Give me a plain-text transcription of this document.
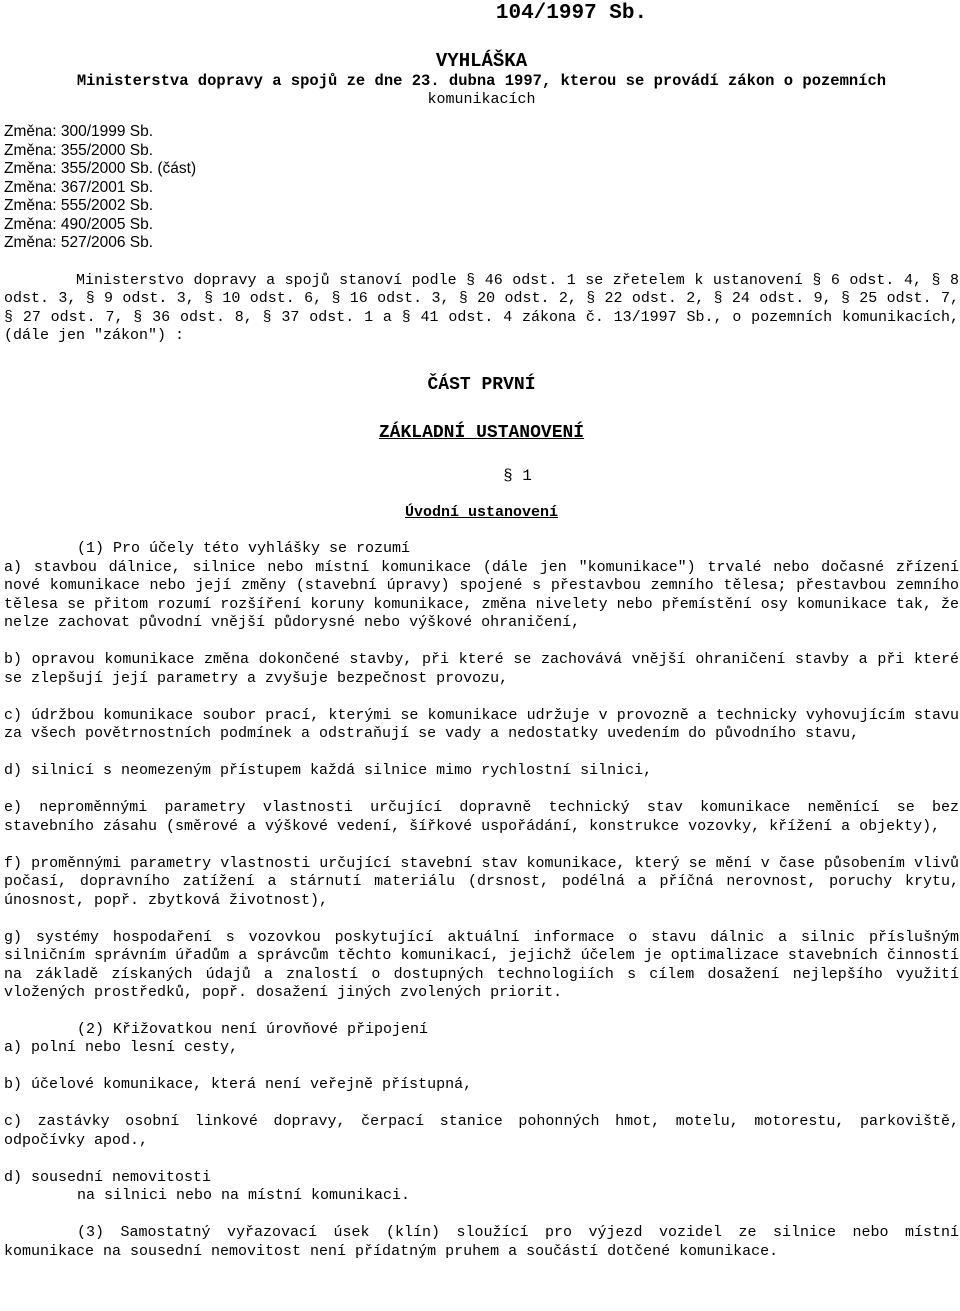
104/1997 Sb.
VYHLÁŠKA
Ministerstva dopravy a spojů ze dne 23. dubna 1997, kterou se provádí zákon o pozemních
komunikacích
Změna: 300/1999 Sb.
Změna: 355/2000 Sb.
Změna: 355/2000 Sb. (část)
Změna: 367/2001 Sb.
Změna: 555/2002 Sb.
Změna: 490/2005 Sb.
Změna: 527/2006 Sb.
Ministerstvo dopravy a spojů stanoví podle § 46 odst. 1 se zřetelem k ustanovení § 6 odst. 4, § 8 odst. 3, § 9 odst. 3, § 10 odst. 6, § 16 odst. 3, § 20 odst. 2, § 22 odst. 2, § 24 odst. 9, § 25 odst. 7, § 27 odst. 7, § 36 odst. 8, § 37 odst. 1 a § 41 odst. 4 zákona č. 13/1997 Sb., o pozemních komunikacích, (dále jen "zákon") :
ČÁST PRVNÍ
ZÁKLADNÍ USTANOVENÍ
§ 1
Úvodní ustanovení
(1) Pro účely této vyhlášky se rozumí
a) stavbou dálnice, silnice nebo místní komunikace (dále jen "komunikace") trvalé nebo dočasné zřízení nové komunikace nebo její změny (stavební úpravy) spojené s přestavbou zemního tělesa; přestavbou zemního tělesa se přitom rozumí rozšíření koruny komunikace, změna nivelety nebo přemístění osy komunikace tak, že nelze zachovat původní vnější půdorysné nebo výškové ohraničení,
b) opravou komunikace změna dokončené stavby, při které se zachovává vnější ohraničení stavby a při které se zlepšují její parametry a zvyšuje bezpečnost provozu,
c) údržbou komunikace soubor prací, kterými se komunikace udržuje v provozně a technicky vyhovujícím stavu za všech povětrnostních podmínek a odstraňují se vady a nedostatky uvedením do původního stavu,
d) silnicí s neomezeným přístupem každá silnice mimo rychlostní silnici,
e) neproměnnými parametry vlastnosti určující dopravně technický stav komunikace neměnící se bez stavebního zásahu (směrové a výškové vedení, šířkové uspořádání, konstrukce vozovky, křížení a objekty),
f) proměnnými parametry vlastnosti určující stavební stav komunikace, který se mění v čase působením vlivů počasí, dopravního zatížení a stárnutí materiálu (drsnost, podélná a příčná nerovnost, poruchy krytu, únosnost, popř. zbytková životnost),
g) systémy hospodaření s vozovkou poskytující aktuální informace o stavu dálnic a silnic příslušným silničním správním úřadům a správcům těchto komunikací, jejichž účelem je optimalizace stavebních činností na základě získaných údajů a znalostí o dostupných technologiích s cílem dosažení nejlepšího využití vložených prostředků, popř. dosažení jiných zvolených priorit.
(2) Křižovatkou není úrovňové připojení
a) polní nebo lesní cesty,
b) účelové komunikace, která není veřejně přístupná,
c) zastávky osobní linkové dopravy, čerpací stanice pohonných hmot, motelu, motorestu, parkoviště, odpočívky apod.,
d) sousední nemovitosti
na silnici nebo na místní komunikaci.
(3) Samostatný vyřazovací úsek (klín) sloužící pro výjezd vozidel ze silnice nebo místní komunikace na sousední nemovitost není přídatným pruhem a součástí dotčené komunikace.
